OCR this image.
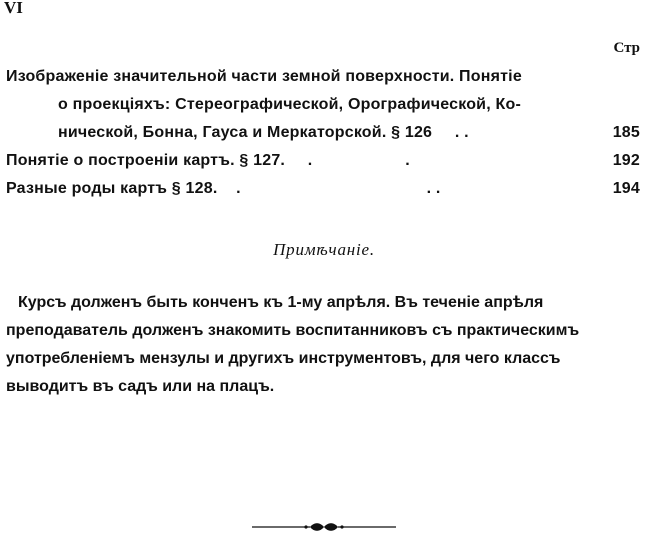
VI
Стр
Изображеніе значительной части земной поверхности. Понятіе
о проекціяхъ: Стереографической, Орографической, Ко-
нической, Бонна, Гауса и Меркаторской. § 126 . .	185
Понятіе о построеніи картъ. § 127. .                    .	192
Разные роды картъ § 128. .                                        . .	194
Примѣчаніе.
Курсъ долженъ быть конченъ къ 1-му апрѣля. Въ теченіе апрѣля
преподаватель долженъ знакомить воспитанниковъ съ практическимъ
употребленіемъ мензулы и другихъ инструментовъ, для чего классъ
выводитъ въ садъ или на плацъ.
